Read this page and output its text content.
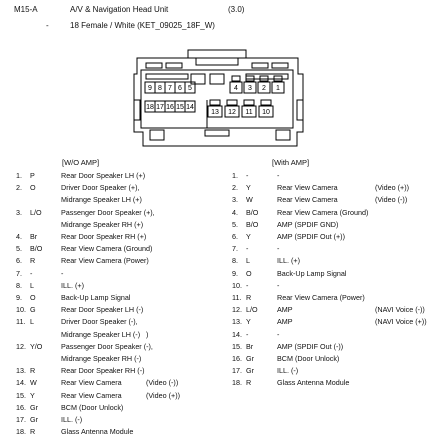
M15-A	A/V & Navigation Head Unit	(3.0)
-	18 Female / White (KET_09025_18F_W)
9 8 7 6 5	4 3 2 1
18 17 16 15 14
13 12 11 10
[W/O AMP]	[With AMP]
1. P	Rear Door Speaker LH (+)
2. O	Driver Door Speaker (+),
Midrange Speaker LH (+)
3. L/O	Passenger Door Speaker (+),
Midrange Speaker RH (+)
4. Br	Rear Door Speaker RH (+)
5. B/O	Rear View Camera (Ground)
6. R	Rear View Camera (Power)
7. -	-
8. L	ILL. (+)
9. O	Back-Up Lamp Signal
10. G	Rear Door Speaker LH (-)
11. L	Driver Door Speaker (-),
Midrange Speaker LH (-) )
12. Y/O	Passenger Door Speaker (-),
Midrange Speaker RH (-)
13. R	Rear Door Speaker RH (-)
14. W	Rear View Camera	(Video (-))
15. Y	Rear View Camera	(Video (+))
16. Gr	BCM (Door Unlock)
17. Gr	ILL. (-)
18. R	Glass Antenna Module
1. -	-
2. Y	Rear View Camera	(Video (+))
3. W	Rear View Camera	(Video (-))
4. B/O	Rear View Camera (Ground)
5. B/O	AMP (SPDIF GND)
6. Y	AMP (SPDIF Out (+))
7. -	-
8. L	ILL. (+)
9. O	Back-Up Lamp Signal
10. -	-
11. R	Rear View Camera (Power)
12. L/O	AMP	(NAVI Voice (-))
13. Y	AMP	(NAVI Voice (+))
14. -	-
15. Br	AMP (SPDIF Out (-))
16. Gr	BCM (Door Unlock)
17. Gr	ILL. (-)
18. R	Glass Antenna Module
